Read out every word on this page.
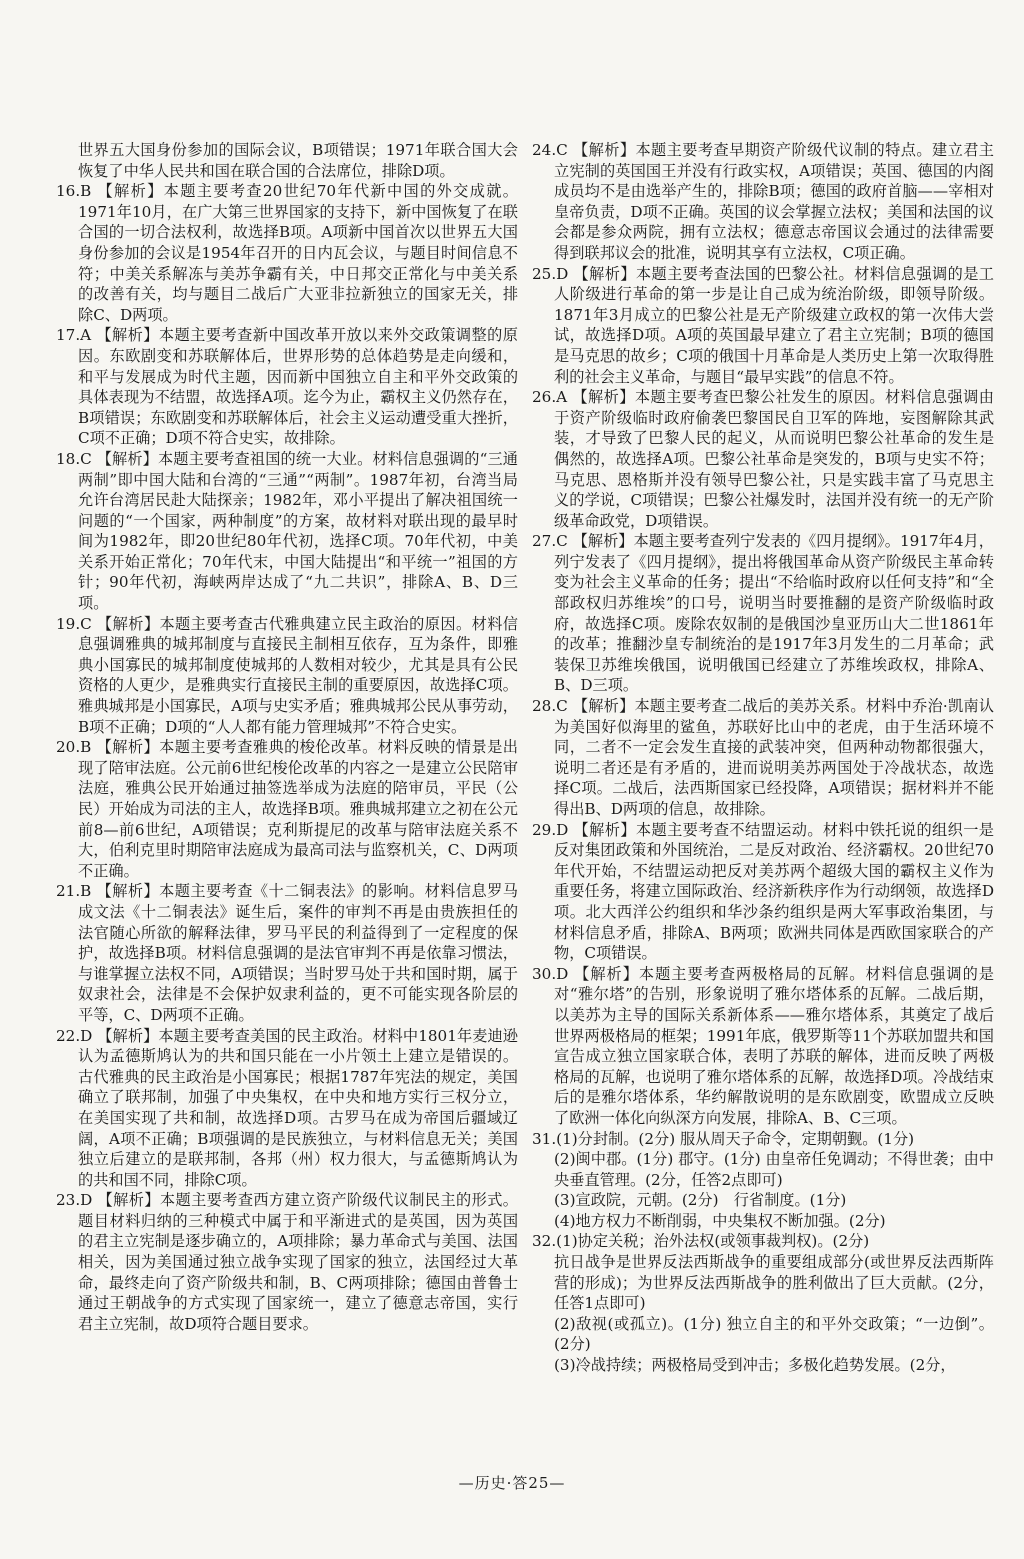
世界五大国身份参加的国际会议，B项错误；1971年联合国大会恢复了中华人民共和国在联合国的合法席位，排除D项。

16.B 【解析】本题主要考查20世纪70年代新中国的外交成就。1971年10月，在广大第三世界国家的支持下，新中国恢复了在联合国的一切合法权利，故选择B项。A项新中国首次以世界五大国身份参加的会议是1954年召开的日内瓦会议，与题目时间信息不符；中美关系解冻与美苏争霸有关，中日邦交正常化与中美关系的改善有关，均与题目二战后广大亚非拉新独立的国家无关，排除C、D两项。

17.A 【解析】本题主要考查新中国改革开放以来外交政策调整的原因。东欧剧变和苏联解体后，世界形势的总体趋势是走向缓和，和平与发展成为时代主题，因而新中国独立自主和平外交政策的具体表现为不结盟，故选择A项。迄今为止，霸权主义仍然存在，B项错误；东欧剧变和苏联解体后，社会主义运动遭受重大挫折，C项不正确；D项不符合史实，故排除。

18.C 【解析】本题主要考查祖国的统一大业。材料信息强调的“三通两制”即中国大陆和台湾的“三通”“两制”。1987年初，台湾当局允许台湾居民赴大陆探亲；1982年，邓小平提出了解决祖国统一问题的“一个国家，两种制度”的方案，故材料对联出现的最早时间为1982年，即20世纪80年代初，选择C项。70年代初，中美关系开始正常化；70年代末，中国大陆提出“和平统一”祖国的方针；90年代初，海峡两岸达成了“九二共识”，排除A、B、D三项。

19.C 【解析】本题主要考查古代雅典建立民主政治的原因。材料信息强调雅典的城邦制度与直接民主制相互依存，互为条件，即雅典小国寡民的城邦制度使城邦的人数相对较少，尤其是具有公民资格的人更少，是雅典实行直接民主制的重要原因，故选择C项。雅典城邦是小国寡民，A项与史实矛盾；雅典城邦公民从事劳动，B项不正确；D项的“人人都有能力管理城邦”不符合史实。

20.B 【解析】本题主要考查雅典的梭伦改革。材料反映的情景是出现了陪审法庭。公元前6世纪梭伦改革的内容之一是建立公民陪审法庭，雅典公民开始通过抽签选举成为法庭的陪审员，平民（公民）开始成为司法的主人，故选择B项。雅典城邦建立之初在公元前8—前6世纪，A项错误；克利斯提尼的改革与陪审法庭关系不大，伯利克里时期陪审法庭成为最高司法与监察机关，C、D两项不正确。

21.B 【解析】本题主要考查《十二铜表法》的影响。材料信息罗马成文法《十二铜表法》诞生后，案件的审判不再是由贵族担任的法官随心所欲的解释法律，罗马平民的利益得到了一定程度的保护，故选择B项。材料信息强调的是法官审判不再是依靠习惯法，与谁掌握立法权不同，A项错误；当时罗马处于共和国时期，属于奴隶社会，法律是不会保护奴隶利益的，更不可能实现各阶层的平等，C、D两项不正确。

22.D 【解析】本题主要考查美国的民主政治。材料中1801年麦迪逊认为孟德斯鸠认为的共和国只能在一小片领土上建立是错误的。古代雅典的民主政治是小国寡民；根据1787年宪法的规定，美国确立了联邦制，加强了中央集权，在中央和地方实行三权分立，在美国实现了共和制，故选择D项。古罗马在成为帝国后疆域辽阔，A项不正确；B项强调的是民族独立，与材料信息无关；美国独立后建立的是联邦制，各邦（州）权力很大，与孟德斯鸠认为的共和国不同，排除C项。

23.D 【解析】本题主要考查西方建立资产阶级代议制民主的形式。题目材料归纳的三种模式中属于和平渐进式的是英国，因为英国的君主立宪制是逐步确立的，A项排除；暴力革命式与美国、法国相关，因为美国通过独立战争实现了国家的独立，法国经过大革命，最终走向了资产阶级共和制，B、C两项排除；德国由普鲁士通过王朝战争的方式实现了国家统一，建立了德意志帝国，实行君主立宪制，故D项符合题目要求。

24.C 【解析】本题主要考查早期资产阶级代议制的特点。建立君主立宪制的英国国王并没有行政实权，A项错误；英国、德国的内阁成员均不是由选举产生的，排除B项；德国的政府首脑——宰相对皇帝负责，D项不正确。英国的议会掌握立法权；美国和法国的议会都是参众两院，拥有立法权；德意志帝国议会通过的法律需要得到联邦议会的批准，说明其享有立法权，C项正确。

25.D 【解析】本题主要考查法国的巴黎公社。材料信息强调的是工人阶级进行革命的第一步是让自己成为统治阶级，即领导阶级。1871年3月成立的巴黎公社是无产阶级建立政权的第一次伟大尝试，故选择D项。A项的英国最早建立了君主立宪制；B项的德国是马克思的故乡；C项的俄国十月革命是人类历史上第一次取得胜利的社会主义革命，与题目“最早实践”的信息不符。

26.A 【解析】本题主要考查巴黎公社发生的原因。材料信息强调由于资产阶级临时政府偷袭巴黎国民自卫军的阵地，妄图解除其武装，才导致了巴黎人民的起义，从而说明巴黎公社革命的发生是偶然的，故选择A项。巴黎公社革命是突发的，B项与史实不符；马克思、恩格斯并没有领导巴黎公社，只是实践丰富了马克思主义的学说，C项错误；巴黎公社爆发时，法国并没有统一的无产阶级革命政党，D项错误。

27.C 【解析】本题主要考查列宁发表的《四月提纲》。1917年4月，列宁发表了《四月提纲》，提出将俄国革命从资产阶级民主革命转变为社会主义革命的任务；提出“不给临时政府以任何支持”和“全部政权归苏维埃”的口号，说明当时要推翻的是资产阶级临时政府，故选择C项。废除农奴制的是俄国沙皇亚历山大二世1861年的改革；推翻沙皇专制统治的是1917年3月发生的二月革命；武装保卫苏维埃俄国，说明俄国已经建立了苏维埃政权，排除A、B、D三项。

28.C 【解析】本题主要考查二战后的美苏关系。材料中乔治·凯南认为美国好似海里的鲨鱼，苏联好比山中的老虎，由于生活环境不同，二者不一定会发生直接的武装冲突，但两种动物都很强大，说明二者还是有矛盾的，进而说明美苏两国处于冷战状态，故选择C项。二战后，法西斯国家已经投降，A项错误；据材料并不能得出B、D两项的信息，故排除。

29.D 【解析】本题主要考查不结盟运动。材料中铁托说的组织一是反对集团政策和外国统治，二是反对政治、经济霸权。20世纪70年代开始，不结盟运动把反对美苏两个超级大国的霸权主义作为重要任务，将建立国际政治、经济新秩序作为行动纲领，故选择D项。北大西洋公约组织和华沙条约组织是两大军事政治集团，与材料信息矛盾，排除A、B两项；欧洲共同体是西欧国家联合的产物，C项错误。

30.D 【解析】本题主要考查两极格局的瓦解。材料信息强调的是对“雅尔塔”的告别，形象说明了雅尔塔体系的瓦解。二战后期，以美苏为主导的国际关系新体系——雅尔塔体系，其奠定了战后世界两极格局的框架；1991年底，俄罗斯等11个苏联加盟共和国宣告成立独立国家联合体，表明了苏联的解体，进而反映了两极格局的瓦解，也说明了雅尔塔体系的瓦解，故选择D项。冷战结束后的是雅尔塔体系，华约解散说明的是东欧剧变，欧盟成立反映了欧洲一体化向纵深方向发展，排除A、B、C三项。

31.(1)分封制。(2分) 服从周天子命令，定期朝觐。(1分)

(2)闽中郡。(1分) 郡守。(1分) 由皇帝任免调动；不得世袭；由中央垂直管理。(2分，任答2点即可)

(3)宣政院，元朝。(2分)　行省制度。(1分)

(4)地方权力不断削弱，中央集权不断加强。(2分)

32.(1)协定关税；治外法权(或领事裁判权)。(2分)

抗日战争是世界反法西斯战争的重要组成部分(或世界反法西斯阵营的形成)；为世界反法西斯战争的胜利做出了巨大贡献。(2分，任答1点即可)

(2)敌视(或孤立)。(1分) 独立自主的和平外交政策；“一边倒”。(2分)

(3)冷战持续；两极格局受到冲击；多极化趋势发展。(2分，

—历史·答25—
